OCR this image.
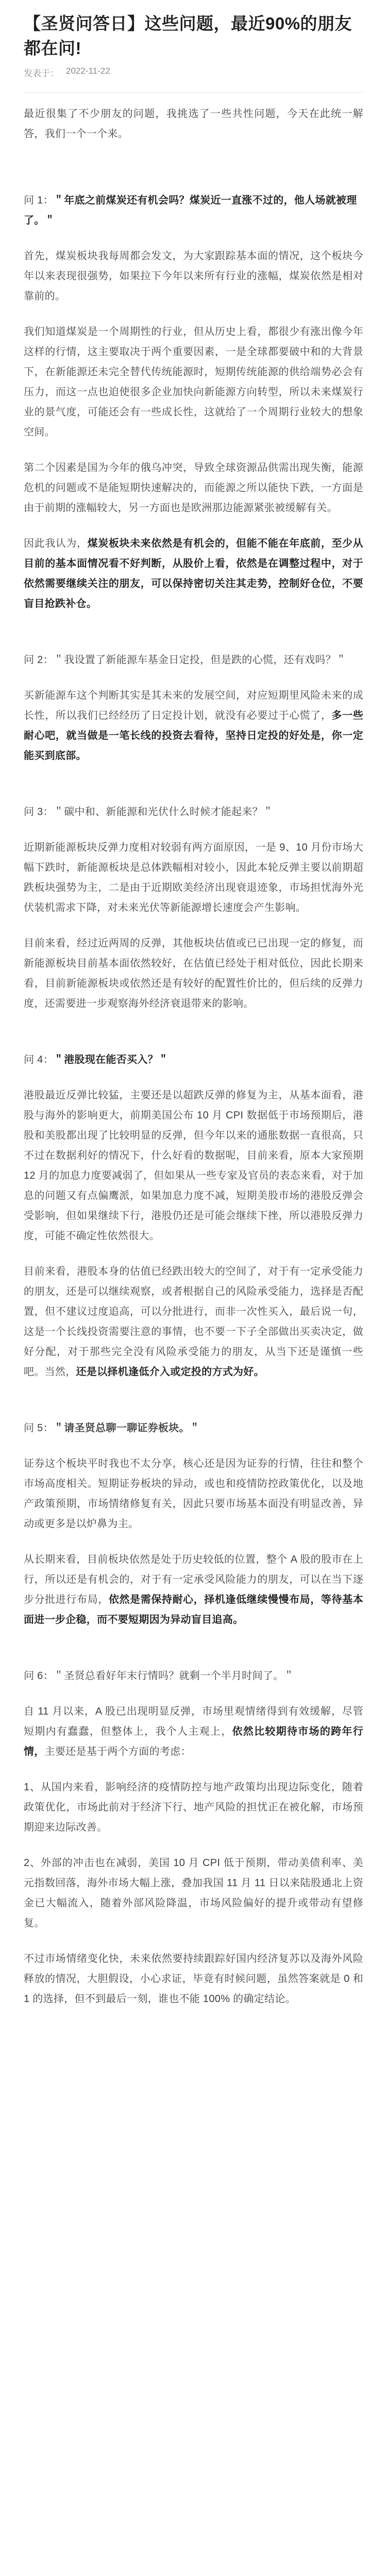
【圣贤问答日】这些问题，最近90%的朋友都在问!
发表于： 2022-11-22

最近很集了不少朋友的问题，我挑选了一些共性问题，今天在此统一解答，我们一个一个来。

问 1：＂年底之前煤炭还有机会吗？煤炭近一直涨不过的，他人场就被理了。＂

首先，煤炭板块我每周都会发文，为大家跟踪基本面的情况，这个板块今年以来表现很强势，如果拉下今年以来所有行业的涨幅，煤炭依然是相对靠前的。

我们知道煤炭是一个周期性的行业，但从历史上看，都很少有涨出像今年这样的行情，这主要取决于两个重要因素，一是全球都要破中和的大背景下，在新能源还未完全替代传统能源时，短期传统能源的供给端势必会有压力，而这一点也迫使很多企业加快向新能源方向转型，所以未来煤炭行业的景气度，可能还会有一些成长性，这就给了一个周期行业较大的想象空间。

第二个因素是国为今年的俄乌冲突，导致全球资源品供需出现失衡，能源危机的问题或不是能短期快速解决的，而能源之所以能快下跌，一方面是由于前期的涨幅较大，另一方面也是欧洲那边能源紧张被缓解有关。

因此我认为，煤炭板块未来依然是有机会的，但能不能在年底前，至少从目前的基本面情况看不好判断，从股价上看，依然是在调整过程中，对于依然需要继续关注的朋友，可以保持密切关注其走势，控制好仓位，不要盲目抢跌补仓。

问 2：＂我设置了新能源车基金日定投，但是跌的心慌，还有戏吗？＂

买新能源车这个判断其实是其未来的发展空间，对应短期里风险未来的成长性，所以我们已经经历了日定投计划，就没有必要过于心慌了，多一些耐心吧，就当做是一笔长线的投资去看待，坚持日定投的好处是，你一定能买到底部。

问 3：＂碳中和、新能源和光伏什么时候才能起来？＂

近期新能源板块反弹力度相对较弱有两方面原因，一是 9、10 月份市场大幅下跌时，新能源板块是总体跌幅相对较小，因此本轮反弹主要以前期超跌板块强势为主，二是由于近期欧美经济出现衰退迹象，市场担忧海外光伏装机需求下降，对未来光伏等新能源增长速度会产生影响。

目前来看，经过近两周的反弹，其他板块估值或已已出现一定的修复，而新能源板块目前基本面依然较好，在估值已经处于相对低位，因此长期来看，目前新能源板块或依然还是有较好的配置性价比的，但后续的反弹力度，还需要进一步观察海外经济衰退带来的影响。

问 4：＂港股现在能否买入？＂

港股最近反弹比较猛，主要还是以超跌反弹的修复为主，从基本面看，港股与海外的影响更大，前期美国公布 10 月 CPI 数据低于市场预期后，港股和美股都出现了比较明显的反弹，但今年以来的通胀数据一直很高，只不过在数据利好的情况下，什么好看的数据呢，目前来看，原本大家预期 12 月的加息力度要减弱了，但如果从一些专家及官员的表态来看，对于加息的问题又有点偏鹰派，如果加息力度不减，短期美股市场的港股反弹会受影响，但如果继续下行，港股仍还是可能会继续下挫，所以港股反弹力度，可能不确定性依然很大。

目前来看，港股本身的估值已经跌出较大的空间了，对于有一定承受能力的朋友，还是可以继续观察，或者根据自己的风险承受能力，选择是否配置，但不建议过度追高，可以分批进行，而非一次性买入，最后说一句，这是一个长线投资需要注意的事情，也不要一下子全部做出买卖决定，做好分配，对于那些完全没有风险承受能力的朋友，从当下还是谨慎一些吧。当然，还是以择机逢低介入或定投的方式为好。

问 5：＂请圣贤总聊一聊证券板块。＂

证券这个板块平时我也不太分享，核心还是因为证券的行情，往往和整个市场高度相关。短期证券板块的异动，或也和疫情防控政策优化，以及地产政策预期，市场情绪修复有关，因此只要市场基本面没有明显改善，异动或更多是以炉鼻为主。

从长期来看，目前板块依然是处于历史较低的位置，整个 A 股的股市在上行，所以还是有机会的，对于有一定承受风险能力的朋友，可以在当下逐步分批进行布局，依然是需保持耐心，择机逢低继续慢慢布局，等待基本面进一步企稳，而不要短期因为异动盲目追高。

问 6：＂圣贤总看好年末行情吗？就剩一个半月时间了。＂

自 11 月以来，A 股已出现明显反弹，市场里观情绪得到有效缓解，尽管短期内有蠢蠢，但整体上，我个人主观上，依然比较期待市场的跨年行情，主要还是基于两个方面的考虑：

1、从国内来看，影响经济的疫情防控与地产政策均出现边际变化，随着政策优化，市场此前对于经济下行、地产风险的担忧正在被化解，市场预期迎来边际改善。

2、外部的冲击也在减弱，美国 10 月 CPI 低于预期，带动美债利率、美元指数回落，海外市场大幅上涨，叠加我国 11 月 11 日以来陆股通北上资金已大幅流入，随着外部风险降温，市场风险偏好的提升或带动有望修复。

不过市场情绪变化快，未来依然要持续跟踪好国内经济复苏以及海外风险释放的情况，大胆假设，小心求证，毕竟有时候问题，虽然答案就是 0 和 1 的选择，但不到最后一刻，谁也不能 100% 的确定结论。
